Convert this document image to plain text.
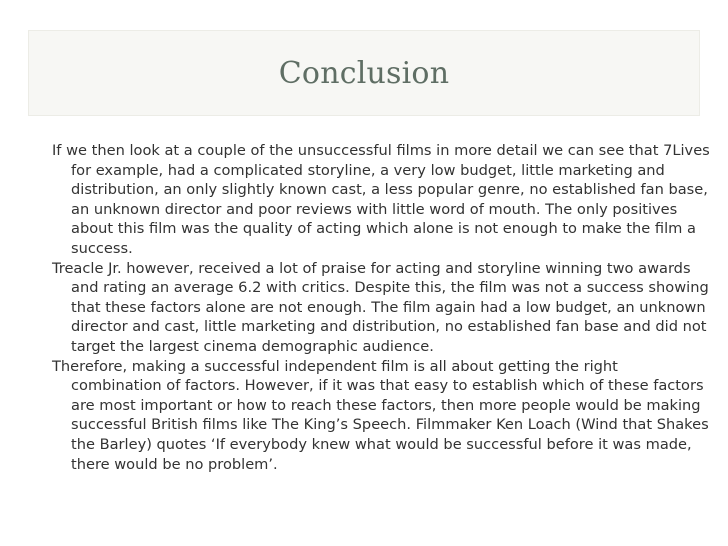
Conclusion

If we then look at a couple of the unsuccessful films in more detail we can see that 7Lives for example, had a complicated storyline, a very low budget, little marketing and distribution, an only slightly known cast, a less popular genre, no established fan base, an unknown director and poor reviews with little word of mouth. The only positives about this film was the quality of acting which alone is not enough to make the film a success.

Treacle Jr. however, received a lot of praise for acting and storyline winning two awards and rating an average 6.2 with critics. Despite this, the film was not a success showing that these factors alone are not enough. The film again had a low budget, an unknown director and cast, little marketing and distribution, no established fan base and did not target the largest cinema demographic audience.

Therefore, making a successful independent film is all about getting the right combination of factors. However, if it was that easy to establish which of these factors are most important or how to reach these factors, then more people would be making successful British films like The King’s Speech. Filmmaker Ken Loach (Wind that Shakes the Barley) quotes ‘If everybody knew what would be successful before it was made, there would be no problem’.
